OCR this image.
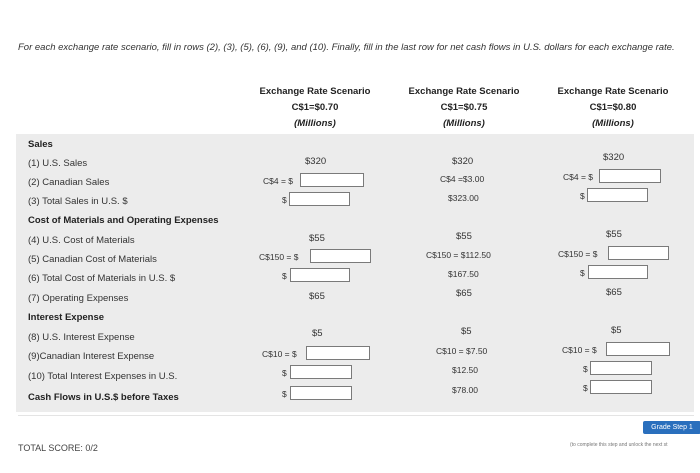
For each exchange rate scenario, fill in rows (2), (3), (5), (6), (9), and (10). Finally, fill in the last row for net cash flows in U.S. dollars for each exchange rate.
Exchange Rate Scenario
C$1=$0.70
(Millions)
Exchange Rate Scenario
C$1=$0.75
(Millions)
Exchange Rate Scenario
C$1=$0.80
(Millions)
Sales
(1) U.S. Sales
(2) Canadian Sales
(3) Total Sales in U.S. $
Cost of Materials and Operating Expenses
(4) U.S. Cost of Materials
(5) Canadian Cost of Materials
(6) Total Cost of Materials in U.S. $
(7) Operating Expenses
Interest Expense
(8) U.S. Interest Expense
(9)Canadian Interest Expense
(10) Total Interest Expenses in U.S.
Cash Flows in U.S.$ before Taxes
$320
C$4 = $
$
$55
C$150 = $
$
$65
$5
C$10 = $
$
$
$320
C$4 =$3.00
$323.00
$55
C$150 = $112.50
$167.50
$65
$5
C$10 = $7.50
$12.50
$78.00
$320
C$4 = $
$
$55
C$150 = $
$
$65
$5
C$10 = $
$
$
Grade Step 1
(to complete this step and unlock the next st
TOTAL SCORE: 0/2
